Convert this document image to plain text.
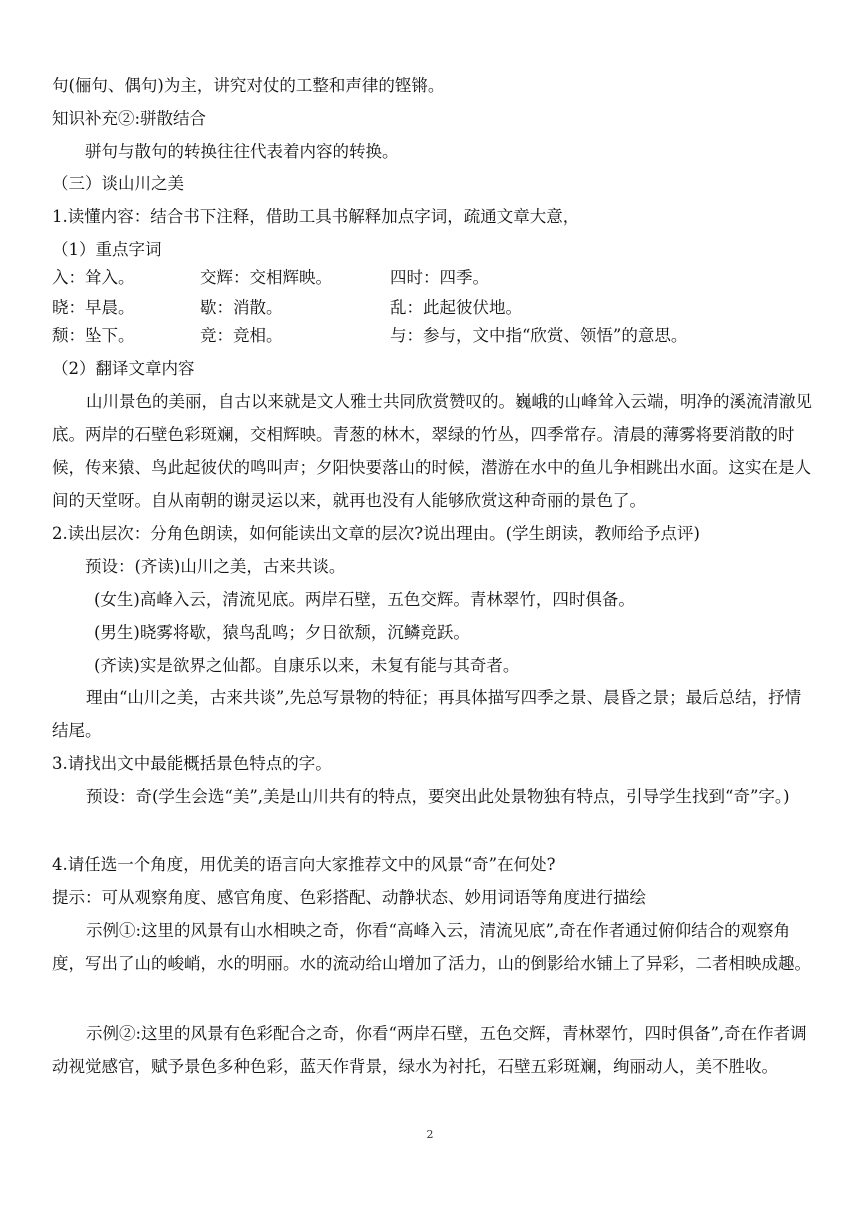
句(俪句、偶句)为主，讲究对仗的工整和声律的铿锵。
知识补充②:骈散结合
骈句与散句的转换往往代表着内容的转换。
（三）谈山川之美
1.读懂内容：结合书下注释，借助工具书解释加点字词，疏通文章大意，
（1）重点字词
入：耸入。	交辉：交相辉映。	四时：四季。
晓：早晨。	歇：消散。	乱：此起彼伏地。
颓：坠下。	竞：竞相。	与：参与，文中指“欣赏、领悟”的意思。
（2）翻译文章内容
山川景色的美丽，自古以来就是文人雅士共同欣赏赞叹的。巍峨的山峰耸入云端，明净的溪流清澈见底。两岸的石壁色彩斑斓，交相辉映。青葱的林木，翠绿的竹丛，四季常存。清晨的薄雾将要消散的时候，传来猿、鸟此起彼伏的鸣叫声；夕阳快要落山的时候，潜游在水中的鱼儿争相跳出水面。这实在是人间的天堂呀。自从南朝的谢灵运以来，就再也没有人能够欣赏这种奇丽的景色了。
2.读出层次：分角色朗读，如何能读出文章的层次?说出理由。(学生朗读，教师给予点评)
预设：(齐读)山川之美，古来共谈。
(女生)高峰入云，清流见底。两岸石壁，五色交辉。青林翠竹，四时俱备。
(男生)晓雾将歇，猿鸟乱鸣；夕日欲颓，沉鳞竞跃。
(齐读)实是欲界之仙都。自康乐以来，未复有能与其奇者。
理由“山川之美，古来共谈”,先总写景物的特征；再具体描写四季之景、晨昏之景；最后总结，抒情结尾。
3.请找出文中最能概括景色特点的字。
预设：奇(学生会选“美”,美是山川共有的特点，要突出此处景物独有特点，引导学生找到“奇”字。)
4.请任选一个角度，用优美的语言向大家推荐文中的风景“奇”在何处?
提示：可从观察角度、感官角度、色彩搭配、动静状态、妙用词语等角度进行描绘
示例①:这里的风景有山水相映之奇，你看“高峰入云，清流见底”,奇在作者通过俯仰结合的观察角度，写出了山的峻峭，水的明丽。水的流动给山增加了活力，山的倒影给水铺上了异彩，二者相映成趣。
示例②:这里的风景有色彩配合之奇，你看“两岸石壁，五色交辉，青林翠竹，四时俱备”,奇在作者调动视觉感官，赋予景色多种色彩，蓝天作背景，绿水为衬托，石壁五彩斑斓，绚丽动人，美不胜收。
2
